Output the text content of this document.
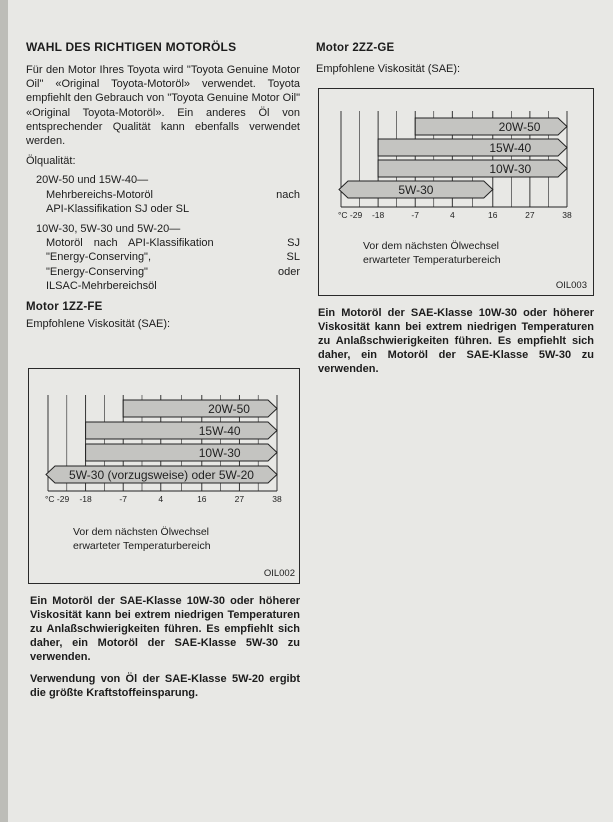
WAHL DES RICHTIGEN MOTORÖLS

Für den Motor Ihres Toyota wird "Toyota Genuine Motor Oil" «Original Toyota-Motoröl» verwendet. Toyota empfiehlt den Gebrauch von "Toyota Genuine Motor Oil" «Original Toyota-Motoröl». Ein anderes Öl von entsprechender Qualität kann ebenfalls verwendet werden.

Ölqualität:

20W-50 und 15W-40—

Mehrbereichs-Motoröl	nach

API-Klassifikation SJ oder SL

10W-30, 5W-30 und 5W-20—

Motoröl nach API-Klassifikation	SJ

"Energy-Conserving",	SL

"Energy-Conserving"	oder

ILSAC-Mehrbereichsöl

Motor 1ZZ-FE

Empfohlene Viskosität (SAE):

°C -29 -18	-7	4	16	27	38
20W-50
15W-40
10W-30
5W-30 (vorzugsweise) oder 5W-20
Vor dem nächsten Ölwechsel
erwarteter Temperaturbereich
OIL002

Ein Motoröl der SAE-Klasse 10W-30 oder höherer Viskosität kann bei extrem niedrigen Temperaturen zu Anlaßschwierigkeiten führen. Es empfiehlt sich daher, ein Motoröl der SAE-Klasse 5W-30 zu verwenden.

Verwendung von Öl der SAE-Klasse 5W-20 ergibt die größte Kraftstoffeinsparung.

Motor 2ZZ-GE

Empfohlene Viskosität (SAE):

°C -29 -18	-7	4	16	27	38
20W-50
15W-40
10W-30
5W-30
Vor dem nächsten Ölwechsel
erwarteter Temperaturbereich
OIL003

Ein Motoröl der SAE-Klasse 10W-30 oder höherer Viskosität kann bei extrem niedrigen Temperaturen zu Anlaßschwierigkeiten führen. Es empfiehlt sich daher, ein Motoröl der SAE-Klasse 5W-30 zu verwenden.
